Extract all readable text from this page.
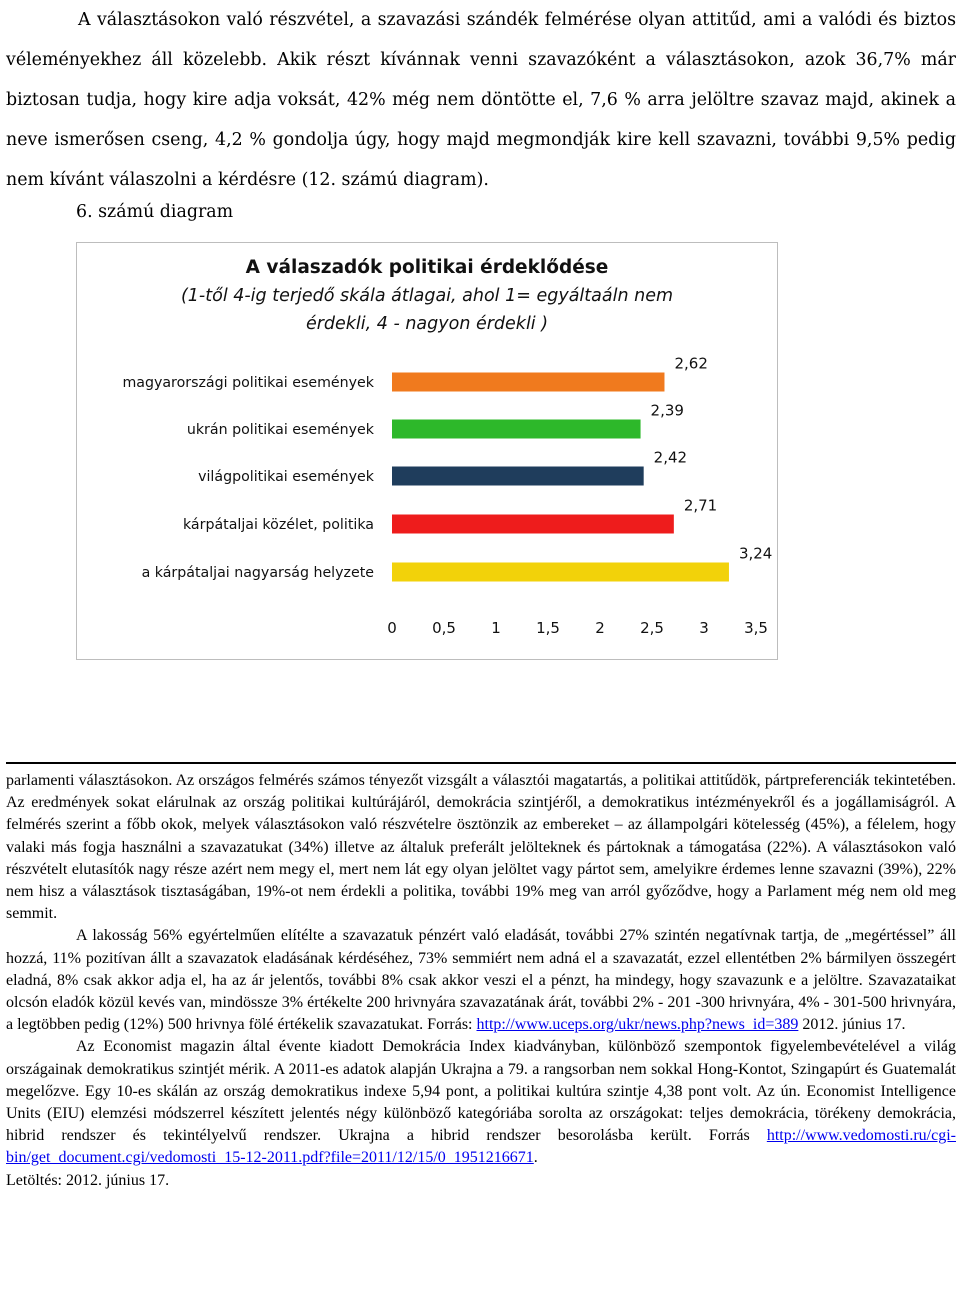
A választásokon való részvétel, a szavazási szándék felmérése olyan attitűd, ami a valódi és biztos véleményekhez áll közelebb. Akik részt kívánnak venni szavazóként a választásokon, azok 36,7% már biztosan tudja, hogy kire adja voksát, 42% még nem döntötte el, 7,6 % arra jelöltre szavaz majd, akinek a neve ismerősen cseng, 4,2 % gondolja úgy, hogy majd megmondják kire kell szavazni, további 9,5% pedig nem kívánt válaszolni a kérdésre (12. számú diagram).
6. számú diagram
A válaszadók politikai érdeklődése
(1-től 4-ig terjedő skála átlagai, ahol 1= egyáltaáln nem
érdekli, 4 - nagyon érdekli )
magyarországi politikai események
2,62
ukrán politikai események
2,39
világpolitikai események
2,42
kárpátaljai közélet, politika
2,71
a kárpátaljai nagyarság helyzete
3,24
0 0,5 1 1,5 2 2,5 3 3,5

parlamenti választásokon. Az országos felmérés számos tényezőt vizsgált a választói magatartás, a politikai attitűdök, pártpreferenciák tekintetében. Az eredmények sokat elárulnak az ország politikai kultúrájáról, demokrácia szintjéről, a demokratikus intézményekről és a jogállamiságról. A felmérés szerint a főbb okok, melyek választásokon való részvételre ösztönzik az embereket – az állampolgári kötelesség (45%), a félelem, hogy valaki más fogja használni a szavazatukat (34%) illetve az általuk preferált jelölteknek és pártoknak a támogatása (22%). A választásokon való részvételt elutasítók nagy része azért nem megy el, mert nem lát egy olyan jelöltet vagy pártot sem, amelyikre érdemes lenne szavazni (39%), 22% nem hisz a választások tisztaságában, 19%-ot nem érdekli a politika, további 19% meg van arról győződve, hogy a Parlament még nem old meg semmit.

A lakosság 56% egyértelműen elítélte a szavazatuk pénzért való eladását, további 27% szintén negatívnak tartja, de „megértéssel” áll hozzá, 11% pozitívan állt a szavazatok eladásának kérdéséhez, 73% semmiért nem adná el a szavazatát, ezzel ellentétben 2% bármilyen összegért eladná, 8% csak akkor adja el, ha az ár jelentős, további 8% csak akkor veszi el a pénzt, ha mindegy, hogy szavazunk e a jelöltre. Szavazataikat olcsón eladók közül kevés van, mindössze 3% értékelte 200 hrivnyára szavazatának árát, további 2% - 201 -300 hrivnyára, 4% - 301-500 hrivnyára, a legtöbben pedig (12%) 500 hrivnya fölé értékelik szavazatukat. Forrás: http://www.uceps.org/ukr/news.php?news_id=389 2012. június 17.

Az Economist magazin által évente kiadott Demokrácia Index kiadványban, különböző szempontok figyelembevételével a világ országainak demokratikus szintjét mérik. A 2011-es adatok alapján Ukrajna a 79. a rangsorban nem sokkal Hong-Kontot, Szingapúrt és Guatemalát megelőzve. Egy 10-es skálán az ország demokratikus indexe 5,94 pont, a politikai kultúra szintje 4,38 pont volt. Az ún. Economist Intelligence Units (EIU) elemzési módszerrel készített jelentés négy különböző kategóriába sorolta az országokat: teljes demokrácia, törékeny demokrácia, hibrid rendszer és tekintélyelvű rendszer. Ukrajna a hibrid rendszer besorolásba került. Forrás http://www.vedomosti.ru/cgi-bin/get_document.cgi/vedomosti_15-12-2011.pdf?file=2011/12/15/0_1951216671.

Letöltés: 2012. június 17.
